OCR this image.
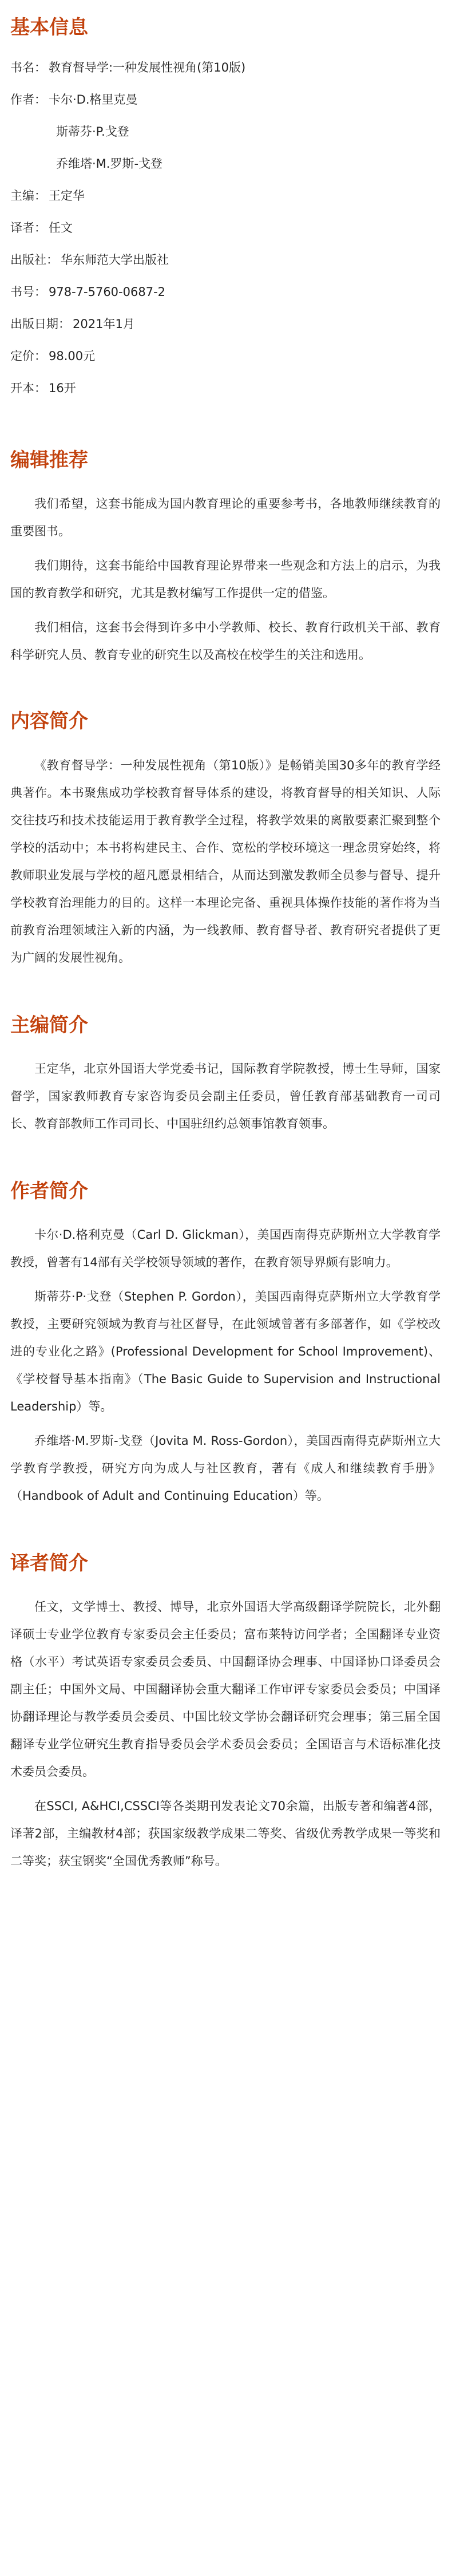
基本信息
书名： 教育督导学:一种发展性视角(第10版)
作者： 卡尔·D.格里克曼
斯蒂芬·P.戈登
乔维塔·M.罗斯-戈登
主编： 王定华
译者： 任文
出版社： 华东师范大学出版社
书号： 978-7-5760-0687-2
出版日期： 2021年1月
定价： 98.00元
开本： 16开
编辑推荐

我们希望，这套书能成为国内教育理论的重要参考书，各地教师继续教育的重要图书。

我们期待，这套书能给中国教育理论界带来一些观念和方法上的启示，为我国的教育教学和研究，尤其是教材编写工作提供一定的借鉴。

我们相信，这套书会得到许多中小学教师、校长、教育行政机关干部、教育科学研究人员、教育专业的研究生以及高校在校学生的关注和选用。

内容简介

《教育督导学：一种发展性视角（第10版）》是畅销美国30多年的教育学经典著作。本书聚焦成功学校教育督导体系的建设，将教育督导的相关知识、人际交往技巧和技术技能运用于教育教学全过程，将教学效果的离散要素汇聚到整个学校的活动中；本书将构建民主、合作、宽松的学校环境这一理念贯穿始终，将教师职业发展与学校的超凡愿景相结合，从而达到激发教师全员参与督导、提升学校教育治理能力的目的。这样一本理论完备、重视具体操作技能的著作将为当前教育治理领域注入新的内涵，为一线教师、教育督导者、教育研究者提供了更为广阔的发展性视角。

主编简介

王定华，北京外国语大学党委书记，国际教育学院教授，博士生导师，国家督学，国家教师教育专家咨询委员会副主任委员，曾任教育部基础教育一司司长、教育部教师工作司司长、中国驻纽约总领事馆教育领事。

作者简介

卡尔·D.格利克曼（Carl D. Glickman），美国西南得克萨斯州立大学教育学教授，曾著有14部有关学校领导领域的著作，在教育领导界颇有影响力。

斯蒂芬·P·戈登（Stephen P. Gordon），美国西南得克萨斯州立大学教育学教授，主要研究领域为教育与社区督导，在此领域曾著有多部著作，如《学校改进的专业化之路》(Professional Development for School Improvement)、《学校督导基本指南》（The Basic Guide to Supervision and Instructional Leadership）等。

乔维塔·M.罗斯-戈登（Jovita M. Ross-Gordon），美国西南得克萨斯州立大学教育学教授，研究方向为成人与社区教育，著有《成人和继续教育手册》（Handbook of Adult and Continuing Education）等。

译者简介

任文，文学博士、教授、博导，北京外国语大学高级翻译学院院长，北外翻译硕士专业学位教育专家委员会主任委员；富布莱特访问学者；全国翻译专业资格（水平）考试英语专家委员会委员、中国翻译协会理事、中国译协口译委员会副主任；中国外文局、中国翻译协会重大翻译工作审评专家委员会委员；中国译协翻译理论与教学委员会委员、中国比较文学协会翻译研究会理事；第三届全国翻译专业学位研究生教育指导委员会学术委员会委员；全国语言与术语标准化技术委员会委员。

在SSCI, A&HCI,CSSCI等各类期刊发表论文70余篇，出版专著和编著4部，译著2部，主编教材4部；获国家级教学成果二等奖、省级优秀教学成果一等奖和二等奖；获宝钢奖“全国优秀教师”称号。
